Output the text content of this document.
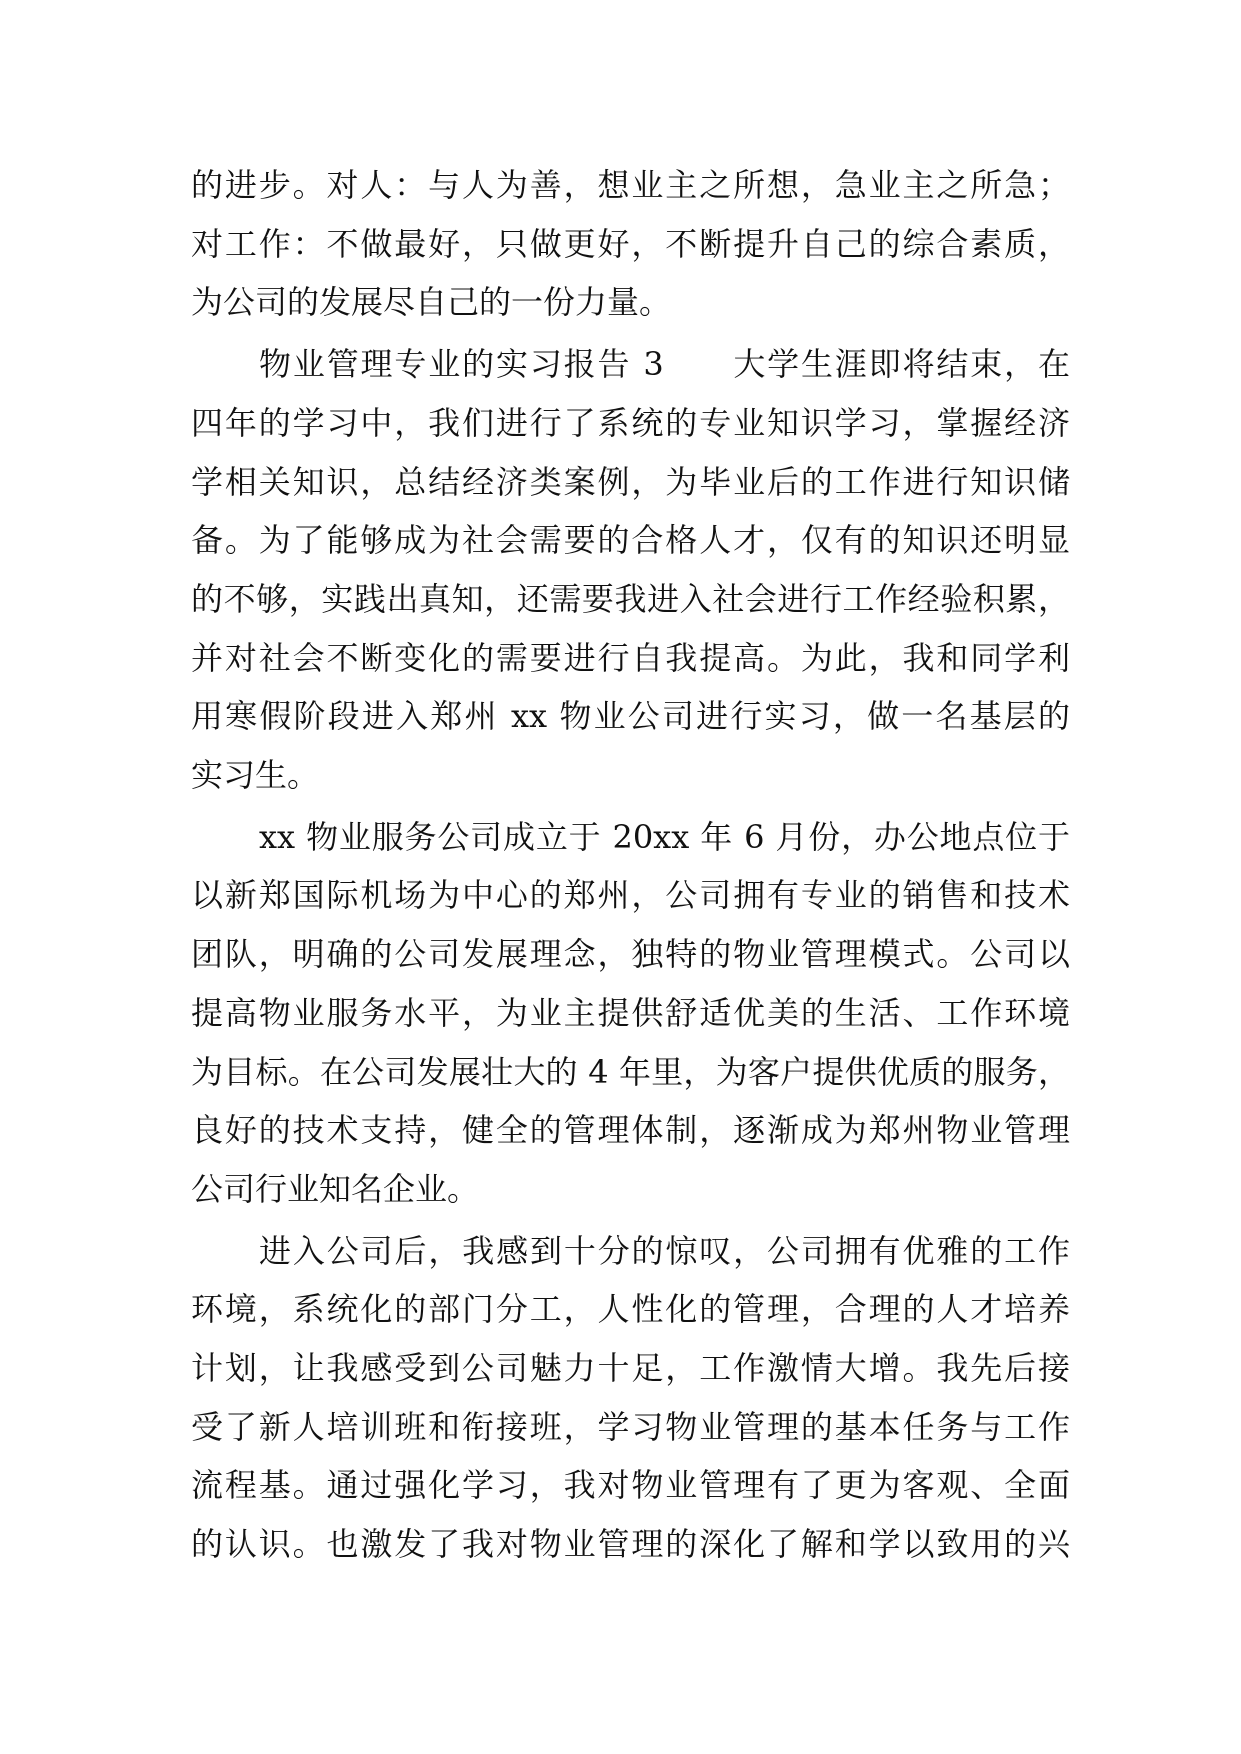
的进步。对人：与人为善，想业主之所想，急业主之所急；
对工作：不做最好，只做更好，不断提升自己的综合素质，
为公司的发展尽自己的一份力量。
物业管理专业的实习报告 3　　大学生涯即将结束，在
四年的学习中，我们进行了系统的专业知识学习，掌握经济
学相关知识，总结经济类案例，为毕业后的工作进行知识储
备。为了能够成为社会需要的合格人才，仅有的知识还明显
的不够，实践出真知，还需要我进入社会进行工作经验积累，
并对社会不断变化的需要进行自我提高。为此，我和同学利
用寒假阶段进入郑州 xx 物业公司进行实习，做一名基层的
实习生。
xx 物业服务公司成立于 20xx 年 6 月份，办公地点位于
以新郑国际机场为中心的郑州，公司拥有专业的销售和技术
团队，明确的公司发展理念，独特的物业管理模式。公司以
提高物业服务水平，为业主提供舒适优美的生活、工作环境
为目标。在公司发展壮大的 4 年里，为客户提供优质的服务，
良好的技术支持，健全的管理体制，逐渐成为郑州物业管理
公司行业知名企业。
进入公司后，我感到十分的惊叹，公司拥有优雅的工作
环境，系统化的部门分工，人性化的管理，合理的人才培养
计划，让我感受到公司魅力十足，工作激情大增。我先后接
受了新人培训班和衔接班，学习物业管理的基本任务与工作
流程基。通过强化学习，我对物业管理有了更为客观、全面
的认识。也激发了我对物业管理的深化了解和学以致用的兴
